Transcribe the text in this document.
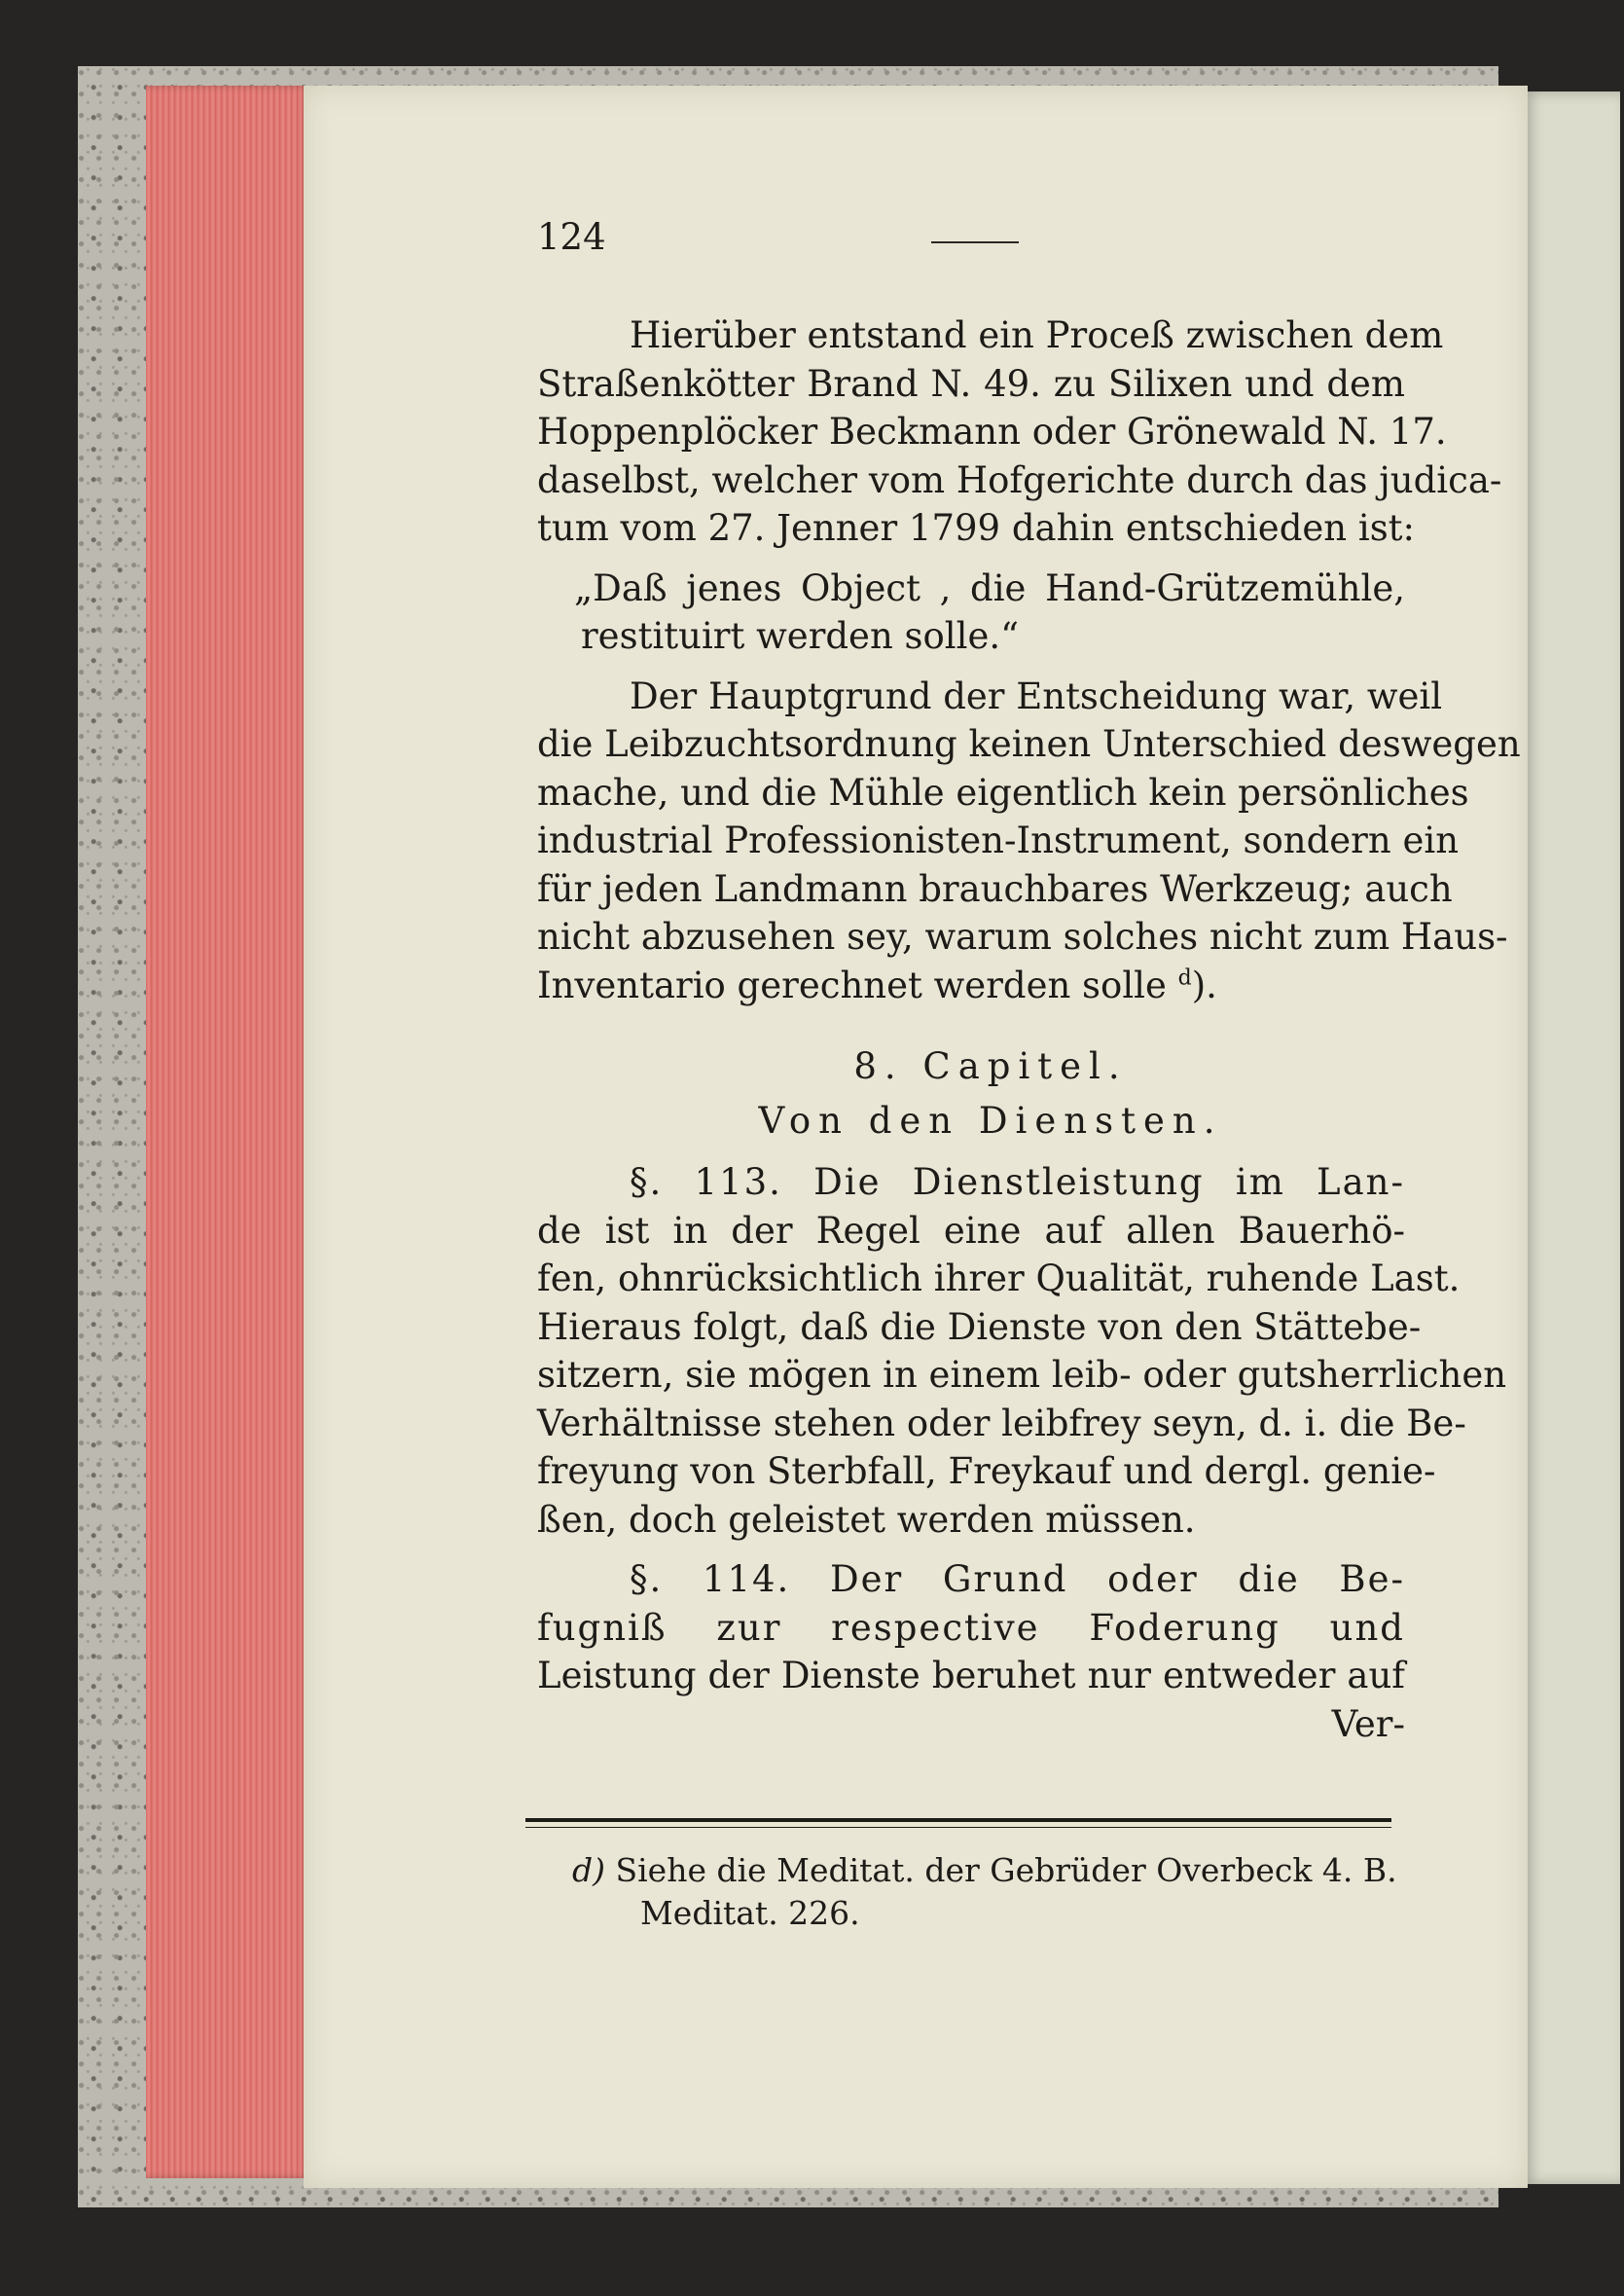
124

Hierüber entstand ein Proceß zwischen dem
Straßenkötter Brand N. 49. zu Silixen und dem
Hoppenplöcker Beckmann oder Grönewald N. 17.
daselbst, welcher vom Hofgerichte durch das judica-
tum vom 27. Jenner 1799 dahin entschieden ist:

„Daß jenes Object , die Hand-Grützemühle,
restituirt werden solle.“

Der Hauptgrund der Entscheidung war, weil
die Leibzuchtsordnung keinen Unterschied deswegen
mache, und die Mühle eigentlich kein persönliches
industrial Professionisten-Instrument, sondern ein
für jeden Landmann brauchbares Werkzeug; auch
nicht abzusehen sey, warum solches nicht zum Haus-
Inventario gerechnet werden solle $^d$).

8. Capitel.

Von den Diensten.

§. 113. Die Dienstleistung im Lan-
de ist in der Regel eine auf allen Bauerhö-
fen, ohnrücksichtlich ihrer Qualität, ruhende Last.
Hieraus folgt, daß die Dienste von den Stättebe-
sitzern, sie mögen in einem leib- oder gutsherrlichen
Verhältnisse stehen oder leibfrey seyn, d. i. die Be-
freyung von Sterbfall, Freykauf und dergl. genie-
ßen, doch geleistet werden müssen.

§. 114. Der Grund oder die Be-
fugniß zur respective Foderung und
Leistung der Dienste beruhet nur entweder auf
Ver-

d) Siehe die Meditat. der Gebrüder Overbeck 4. B.
Meditat. 226.
